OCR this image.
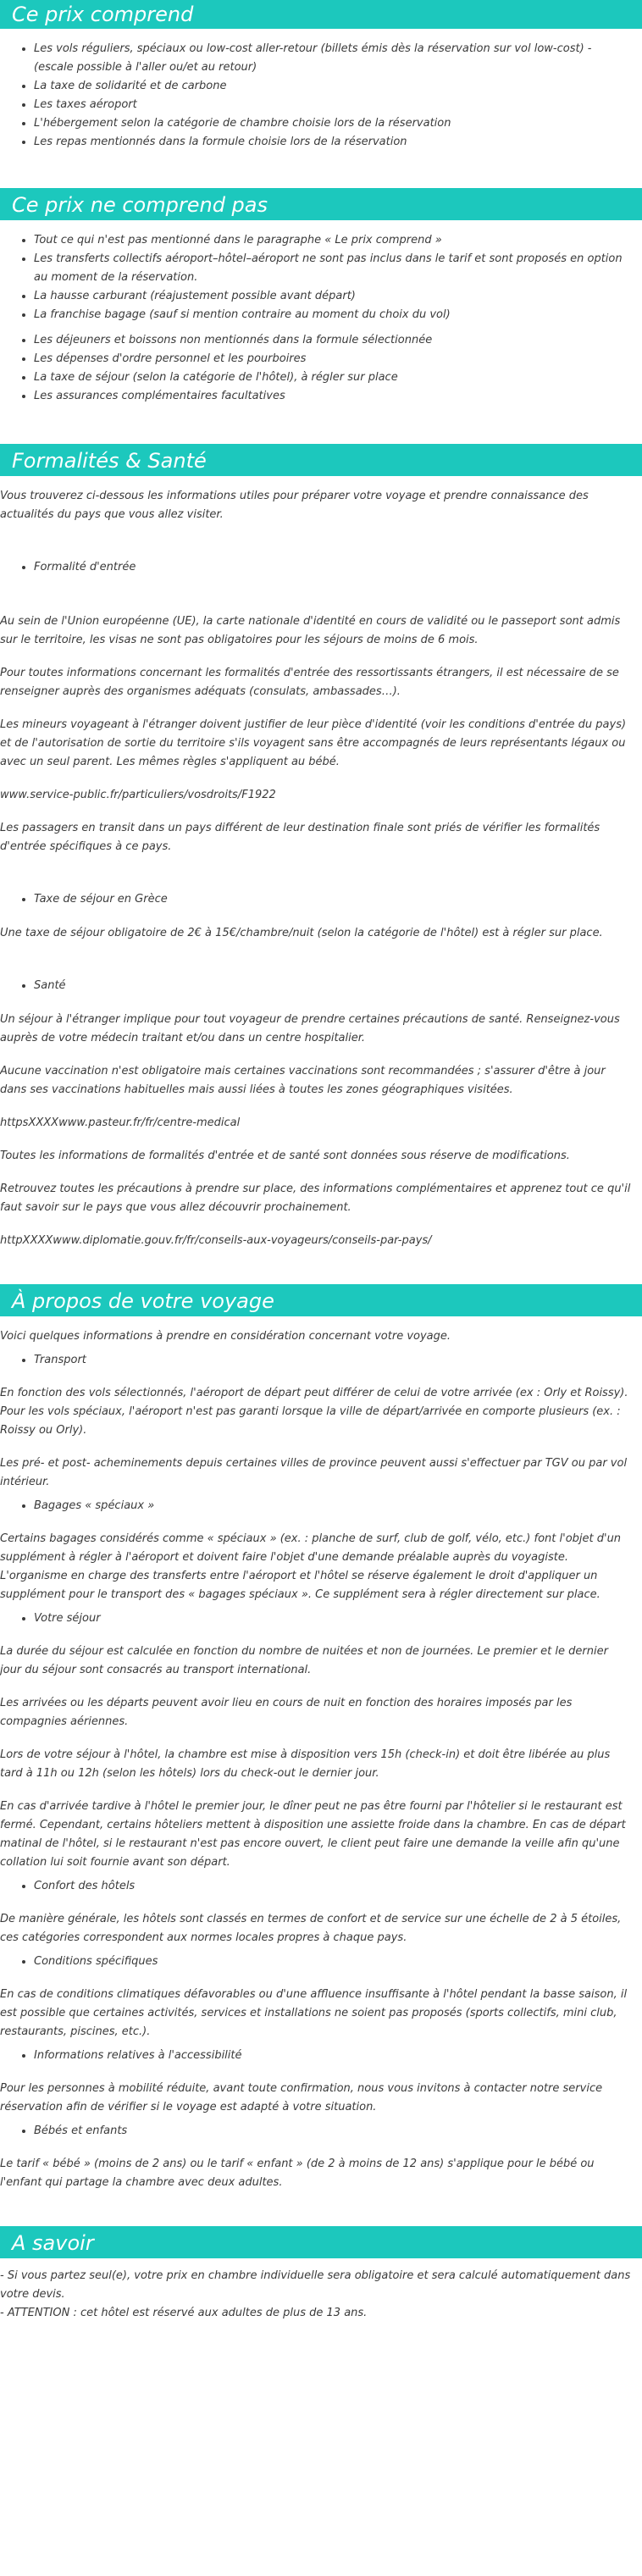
Ce prix comprend
• Les vols réguliers, spéciaux ou low-cost aller-retour (billets émis dès la réservation sur vol low-cost) - (escale possible à l'aller ou/et au retour)
• La taxe de solidarité et de carbone
• Les taxes aéroport
• L'hébergement selon la catégorie de chambre choisie lors de la réservation
• Les repas mentionnés dans la formule choisie lors de la réservation
Ce prix ne comprend pas
• Tout ce qui n'est pas mentionné dans le paragraphe « Le prix comprend »
• Les transferts collectifs aéroport–hôtel–aéroport ne sont pas inclus dans le tarif et sont proposés en option au moment de la réservation.
• La hausse carburant (réajustement possible avant départ)
• La franchise bagage (sauf si mention contraire au moment du choix du vol)
• Les déjeuners et boissons non mentionnés dans la formule sélectionnée
• Les dépenses d'ordre personnel et les pourboires
• La taxe de séjour (selon la catégorie de l'hôtel), à régler sur place
• Les assurances complémentaires facultatives
Formalités & Santé

Vous trouverez ci-dessous les informations utiles pour préparer votre voyage et prendre connaissance des actualités du pays que vous allez visiter.

• Formalité d'entrée

Au sein de l'Union européenne (UE), la carte nationale d'identité en cours de validité ou le passeport sont admis sur le territoire, les visas ne sont pas obligatoires pour les séjours de moins de 6 mois.

Pour toutes informations concernant les formalités d'entrée des ressortissants étrangers, il est nécessaire de se renseigner auprès des organismes adéquats (consulats, ambassades…).

Les mineurs voyageant à l'étranger doivent justifier de leur pièce d'identité (voir les conditions d'entrée du pays) et de l'autorisation de sortie du territoire s'ils voyagent sans être accompagnés de leurs représentants légaux ou avec un seul parent. Les mêmes règles s'appliquent au bébé.

www.service-public.fr/particuliers/vosdroits/F1922

Les passagers en transit dans un pays différent de leur destination finale sont priés de vérifier les formalités d'entrée spécifiques à ce pays.

• Taxe de séjour en Grèce

Une taxe de séjour obligatoire de 2€ à 15€/chambre/nuit (selon la catégorie de l'hôtel) est à régler sur place.

• Santé

Un séjour à l'étranger implique pour tout voyageur de prendre certaines précautions de santé. Renseignez-vous auprès de votre médecin traitant et/ou dans un centre hospitalier.

Aucune vaccination n'est obligatoire mais certaines vaccinations sont recommandées ; s'assurer d'être à jour dans ses vaccinations habituelles mais aussi liées à toutes les zones géographiques visitées.

httpsXXXXwww.pasteur.fr/fr/centre-medical

Toutes les informations de formalités d'entrée et de santé sont données sous réserve de modifications.

Retrouvez toutes les précautions à prendre sur place, des informations complémentaires et apprenez tout ce qu'il faut savoir sur le pays que vous allez découvrir prochainement.

httpXXXXwww.diplomatie.gouv.fr/fr/conseils-aux-voyageurs/conseils-par-pays/

À propos de votre voyage

Voici quelques informations à prendre en considération concernant votre voyage.

• Transport

En fonction des vols sélectionnés, l'aéroport de départ peut différer de celui de votre arrivée (ex : Orly et Roissy). Pour les vols spéciaux, l'aéroport n'est pas garanti lorsque la ville de départ/arrivée en comporte plusieurs (ex. : Roissy ou Orly).

Les pré- et post- acheminements depuis certaines villes de province peuvent aussi s'effectuer par TGV ou par vol intérieur.

• Bagages « spéciaux »

Certains bagages considérés comme « spéciaux » (ex. : planche de surf, club de golf, vélo, etc.) font l'objet d'un supplément à régler à l'aéroport et doivent faire l'objet d'une demande préalable auprès du voyagiste. L'organisme en charge des transferts entre l'aéroport et l'hôtel se réserve également le droit d'appliquer un supplément pour le transport des « bagages spéciaux ». Ce supplément sera à régler directement sur place.

• Votre séjour

La durée du séjour est calculée en fonction du nombre de nuitées et non de journées. Le premier et le dernier jour du séjour sont consacrés au transport international.

Les arrivées ou les départs peuvent avoir lieu en cours de nuit en fonction des horaires imposés par les compagnies aériennes.

Lors de votre séjour à l'hôtel, la chambre est mise à disposition vers 15h (check-in) et doit être libérée au plus tard à 11h ou 12h (selon les hôtels) lors du check-out le dernier jour.

En cas d'arrivée tardive à l'hôtel le premier jour, le dîner peut ne pas être fourni par l'hôtelier si le restaurant est fermé. Cependant, certains hôteliers mettent à disposition une assiette froide dans la chambre. En cas de départ matinal de l'hôtel, si le restaurant n'est pas encore ouvert, le client peut faire une demande la veille afin qu'une collation lui soit fournie avant son départ.

• Confort des hôtels

De manière générale, les hôtels sont classés en termes de confort et de service sur une échelle de 2 à 5 étoiles, ces catégories correspondent aux normes locales propres à chaque pays.

• Conditions spécifiques

En cas de conditions climatiques défavorables ou d'une affluence insuffisante à l'hôtel pendant la basse saison, il est possible que certaines activités, services et installations ne soient pas proposés (sports collectifs, mini club, restaurants, piscines, etc.).

• Informations relatives à l'accessibilité

Pour les personnes à mobilité réduite, avant toute confirmation, nous vous invitons à contacter notre service réservation afin de vérifier si le voyage est adapté à votre situation.

• Bébés et enfants

Le tarif « bébé » (moins de 2 ans) ou le tarif « enfant » (de 2 à moins de 12 ans) s'applique pour le bébé ou l'enfant qui partage la chambre avec deux adultes.

A savoir
- Si vous partez seul(e), votre prix en chambre individuelle sera obligatoire et sera calculé automatiquement dans votre devis.
- ATTENTION : cet hôtel est réservé aux adultes de plus de 13 ans.
